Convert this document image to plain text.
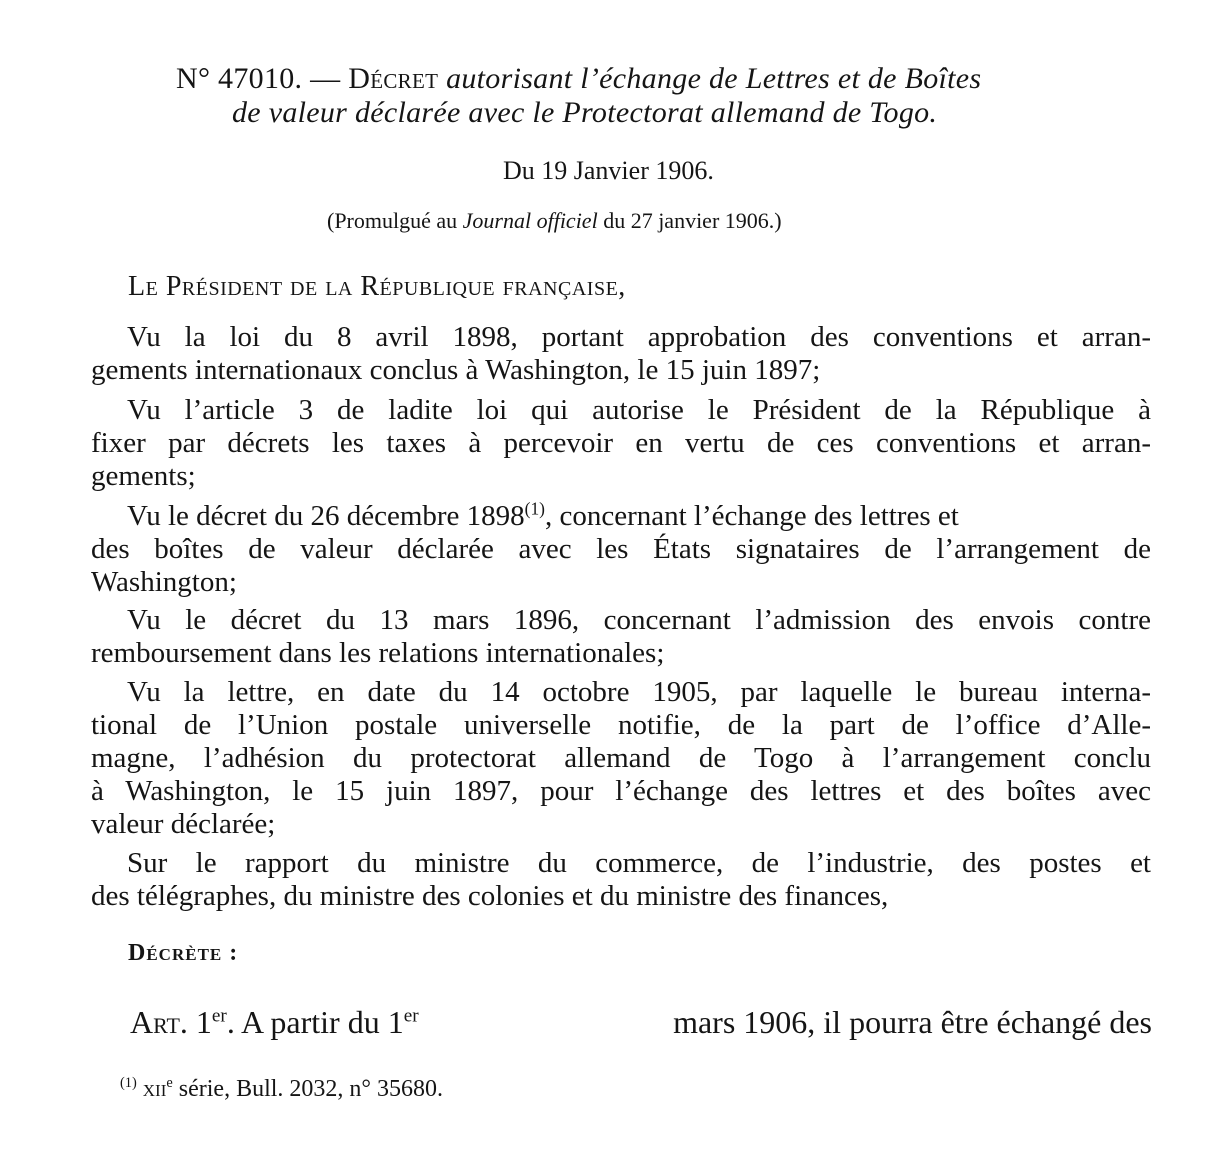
N° 47010. — Décret autorisant l’échange de Lettres et de Boîtes
de valeur déclarée avec le Protectorat allemand de Togo.
Du 19 Janvier 1906.
(Promulgué au Journal officiel du 27 janvier 1906.)
Le Président de la République française,
Vu la loi du 8 avril 1898, portant approbation des conventions et arran-
gements internationaux conclus à Washington, le 15 juin 1897;
Vu l’article 3 de ladite loi qui autorise le Président de la République à
fixer par décrets les taxes à percevoir en vertu de ces conventions et arran-
gements;
Vu le décret du 26 décembre 1898$^{(1)}$, concernant l’échange des lettres et
des boîtes de valeur déclarée avec les États signataires de l’arrangement de
Washington;
Vu le décret du 13 mars 1896, concernant l’admission des envois contre
remboursement dans les relations internationales;
Vu la lettre, en date du 14 octobre 1905, par laquelle le bureau interna-
tional de l’Union postale universelle notifie, de la part de l’office d’Alle-
magne, l’adhésion du protectorat allemand de Togo à l’arrangement conclu
à Washington, le 15 juin 1897, pour l’échange des lettres et des boîtes avec
valeur déclarée;
Sur le rapport du ministre du commerce, de l’industrie, des postes et
des télégraphes, du ministre des colonies et du ministre des finances,
Décrète :
Art. 1er. A partir du 1er	mars 1906, il pourra être échangé des
$^{(1)}$ xii$^e$ série, Bull. 2032, n° 35680.
